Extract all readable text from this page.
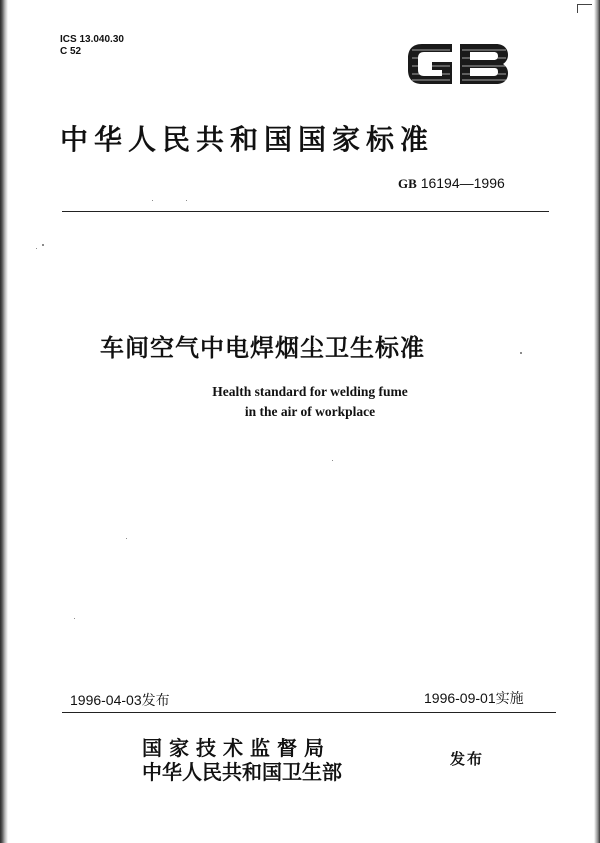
ICS 13.040.30
C 52
中华人民共和国国家标准
GB 16194—1996
车间空气中电焊烟尘卫生标准
Health standard for welding fume
in the air of workplace
1996-04-03发布	1996-09-01实施
国家技术监督局
中华人民共和国卫生部
发布
